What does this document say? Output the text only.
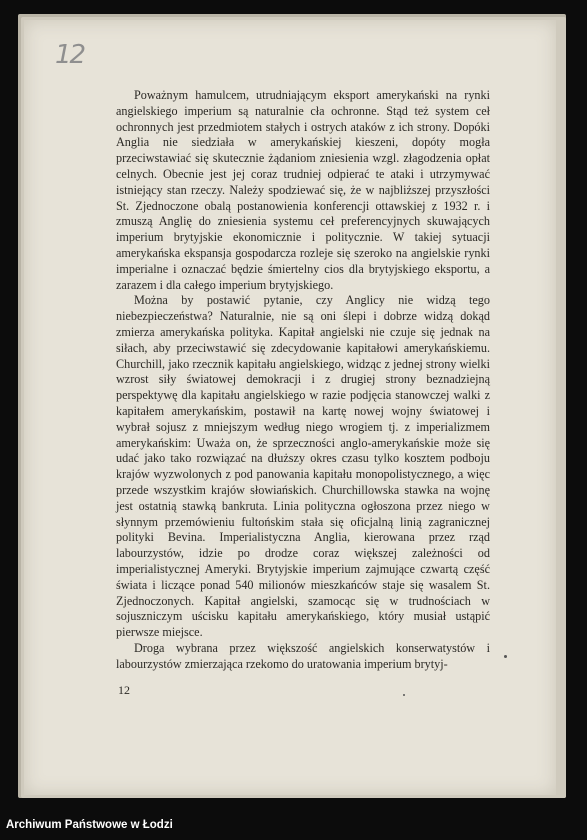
12

Poważnym hamulcem, utrudniającym eksport amerykański na rynki angielskiego imperium są naturalnie cła ochronne. Stąd też system ceł ochronnych jest przedmiotem stałych i ostrych ataków z ich strony. Dopóki Anglia nie siedziała w amerykańskiej kieszeni, dopóty mogła przeciwstawiać się skutecznie żądaniom zniesienia wzgl. złagodzenia opłat celnych. Obecnie jest jej coraz trudniej odpierać te ataki i utrzymywać istniejący stan rzeczy. Należy spodziewać się, że w najbliższej przyszłości St. Zjednoczone obalą postanowienia konferencji ottawskiej z 1932 r. i zmuszą Anglię do zniesienia systemu ceł preferencyjnych skuwających imperium brytyjskie ekonomicznie i politycznie. W takiej sytuacji amerykańska ekspansja gospodarcza rozleje się szeroko na angielskie rynki imperialne i oznaczać będzie śmiertelny cios dla brytyjskiego eksportu, a zarazem i dla całego imperium brytyjskiego.

Można by postawić pytanie, czy Anglicy nie widzą tego niebezpieczeństwa? Naturalnie, nie są oni ślepi i dobrze widzą dokąd zmierza amerykańska polityka. Kapitał angielski nie czuje się jednak na siłach, aby przeciwstawić się zdecydowanie kapitałowi amerykańskiemu. Churchill, jako rzecznik kapitału angielskiego, widząc z jednej strony wielki wzrost siły światowej demokracji i z drugiej strony beznadziejną perspektywę dla kapitału angielskiego w razie podjęcia stanowczej walki z kapitałem amerykańskim, postawił na kartę nowej wojny światowej i wybrał sojusz z mniejszym według niego wrogiem tj. z imperializmem amerykańskim: Uważa on, że sprzeczności anglo-amerykańskie może się udać jako tako rozwiązać na dłuższy okres czasu tylko kosztem podboju krajów wyzwolonych z pod panowania kapitału monopolistycznego, a więc przede wszystkim krajów słowiańskich. Churchillowska stawka na wojnę jest ostatnią stawką bankruta. Linia polityczna ogłoszona przez niego w słynnym przemówieniu fultońskim stała się oficjalną linią zagranicznej polityki Bevina. Imperialistyczna Anglia, kierowana przez rząd labourzystów, idzie po drodze coraz większej zależności od imperialistycznej Ameryki. Brytyjskie imperium zajmujące czwartą część świata i liczące ponad 540 milionów mieszkańców staje się wasalem St. Zjednoczonych. Kapitał angielski, szamocąc się w trudnościach w sojuszniczym uścisku kapitału amerykańskiego, który musiał ustąpić pierwsze miejsce.

Droga wybrana przez większość angielskich konserwatystów i labourzystów zmierzająca rzekomo do uratowania imperium brytyj-

12
Archiwum Państwowe w Łodzi
